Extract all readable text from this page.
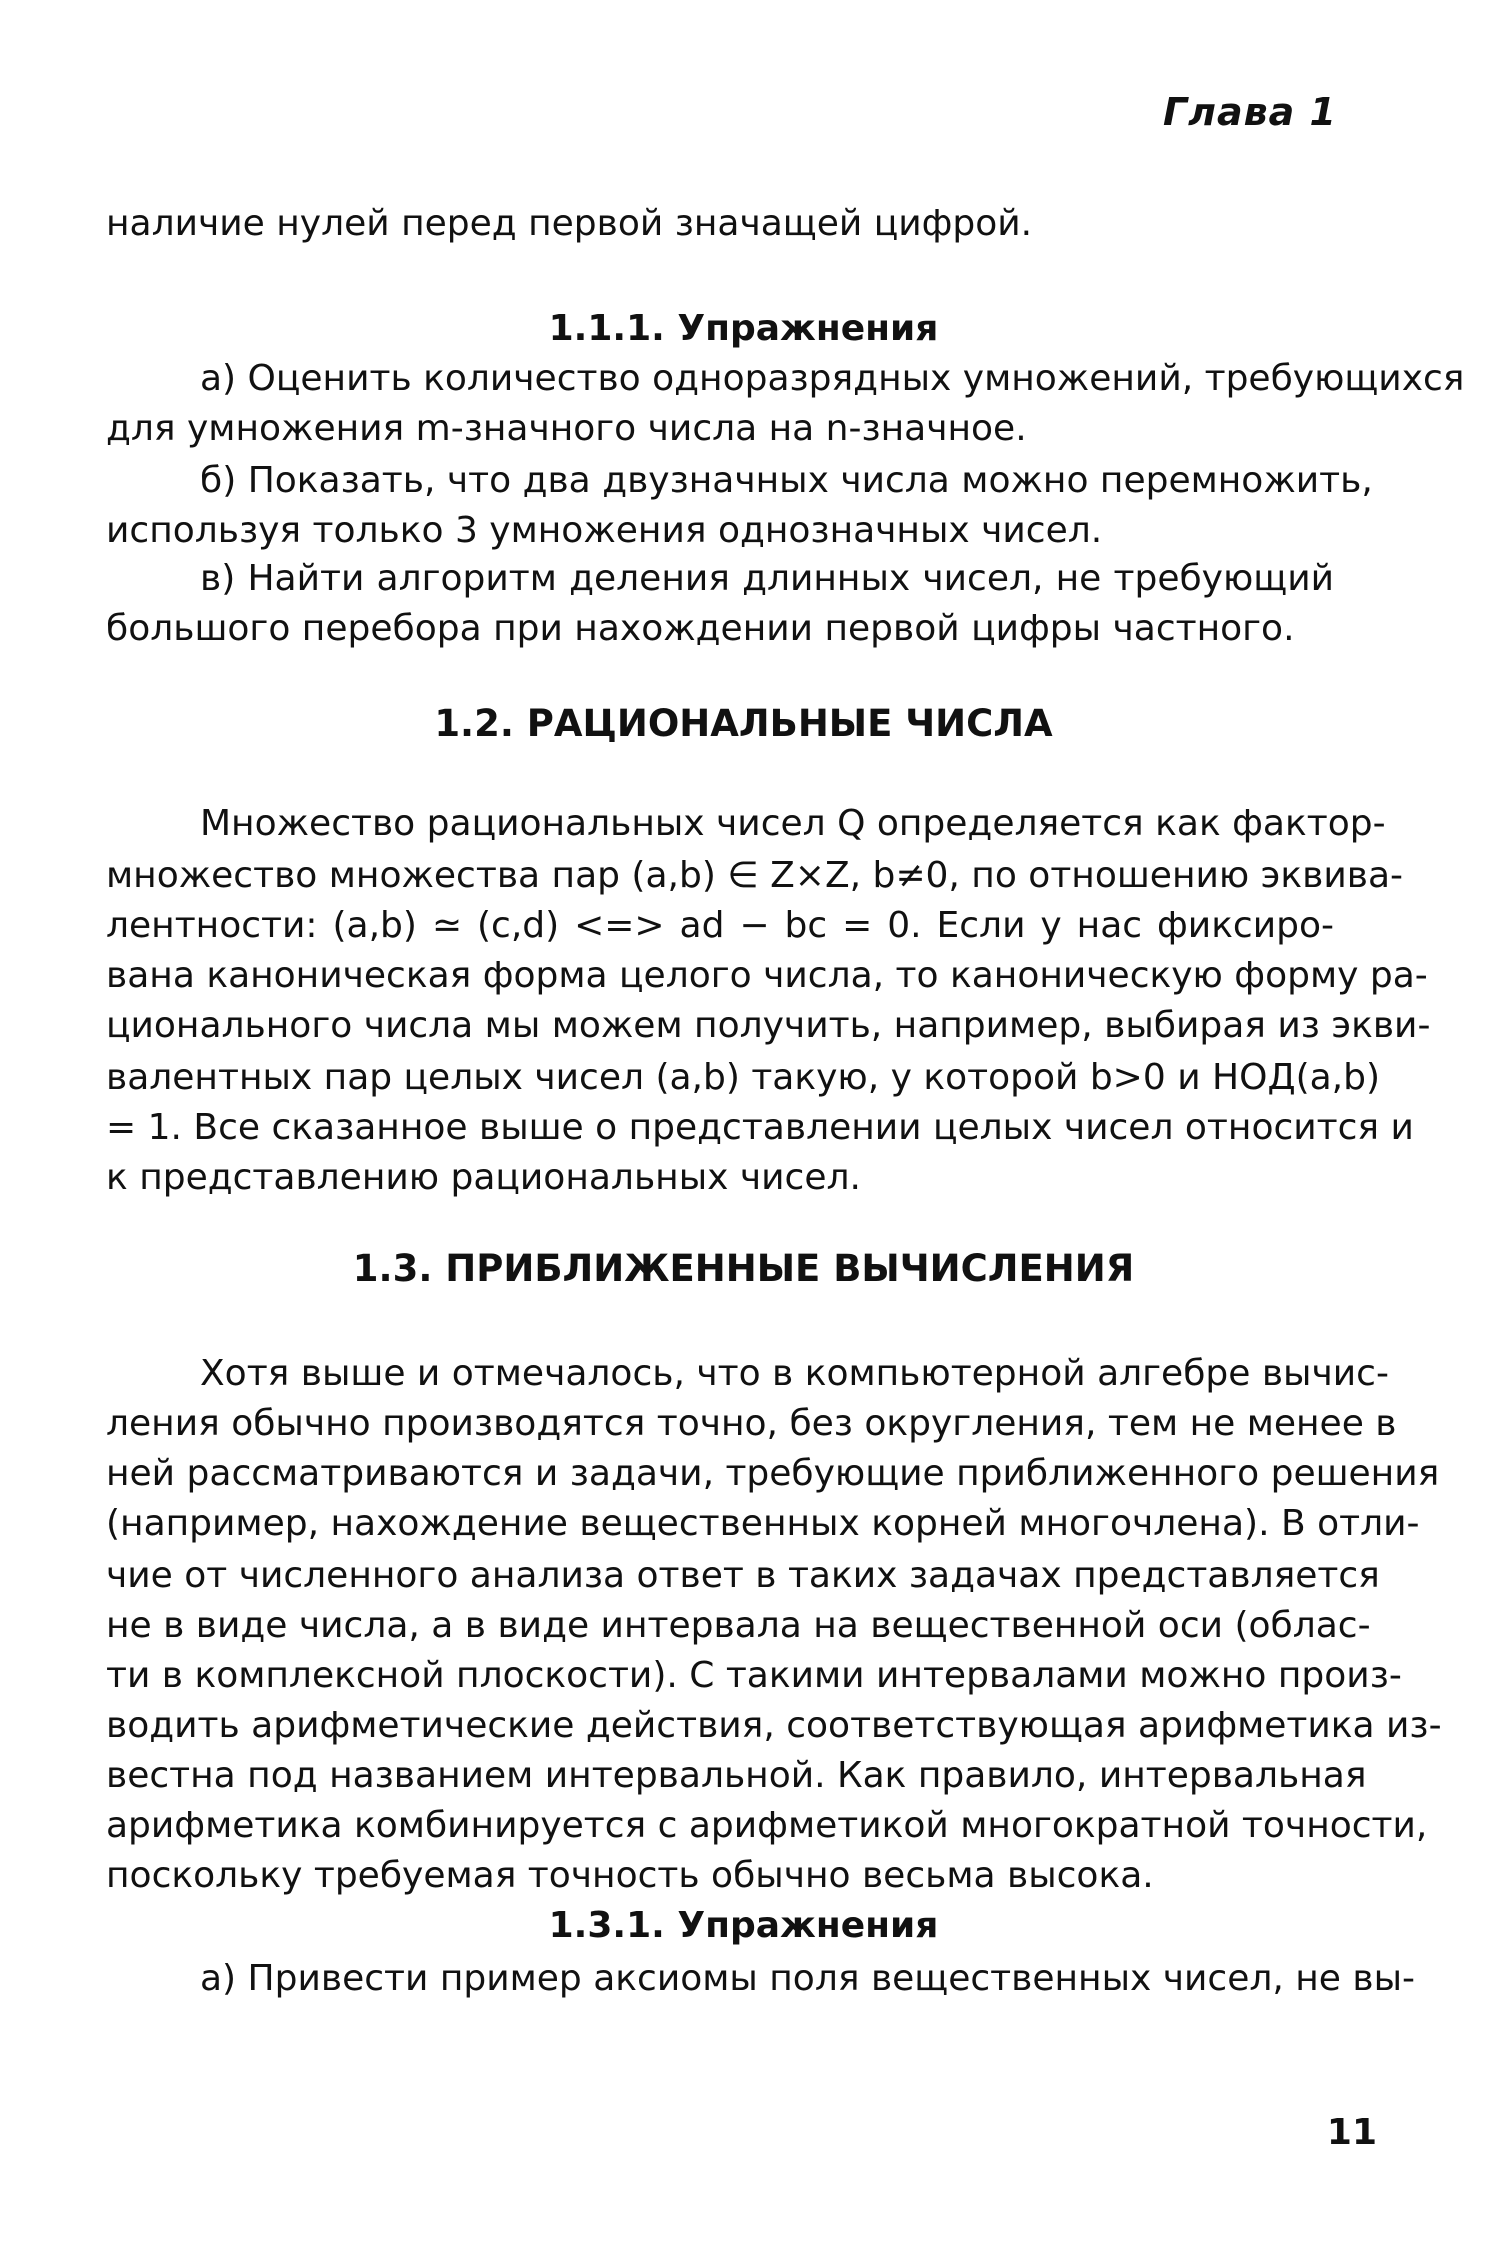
Глава 1

наличие нулей перед первой значащей цифрой.

1.1.1. Упражнения

а) Оценить количество одноразрядных умножений, требующихся

для умножения m-значного числа на n-значное.

б) Показать, что два двузначных числа можно перемножить,

используя только 3 умножения однозначных чисел.

в) Найти алгоритм деления длинных чисел, не требующий

большого перебора при нахождении первой цифры частного.

1.2. РАЦИОНАЛЬНЫЕ ЧИСЛА

Множество рациональных чисел Q определяется как фактор-

множество множества пар (a,b) ∈ Z×Z, b≠0, по отношению эквива-

лентности: (a,b) ≃ (c,d) <=> ad − bc = 0. Если у нас фиксиро-

вана каноническая форма целого числа, то каноническую форму ра-

ционального числа мы можем получить, например, выбирая из экви-

валентных пар целых чисел (a,b) такую, у которой b>0 и НОД(a,b)

= 1. Все сказанное выше о представлении целых чисел относится и

к представлению рациональных чисел.

1.3. ПРИБЛИЖЕННЫЕ ВЫЧИСЛЕНИЯ

Хотя выше и отмечалось, что в компьютерной алгебре вычис-

ления обычно производятся точно, без округления, тем не менее в

ней рассматриваются и задачи, требующие приближенного решения

(например, нахождение вещественных корней многочлена). В отли-

чие от численного анализа ответ в таких задачах представляется

не в виде числа, а в виде интервала на вещественной оси (облас-

ти в комплексной плоскости). С такими интервалами можно произ-

водить арифметические действия, соответствующая арифметика из-

вестна под названием интервальной. Как правило, интервальная

арифметика комбинируется с арифметикой многократной точности,

поскольку требуемая точность обычно весьма высока.

1.3.1. Упражнения

а) Привести пример аксиомы поля вещественных чисел, не вы-

11
